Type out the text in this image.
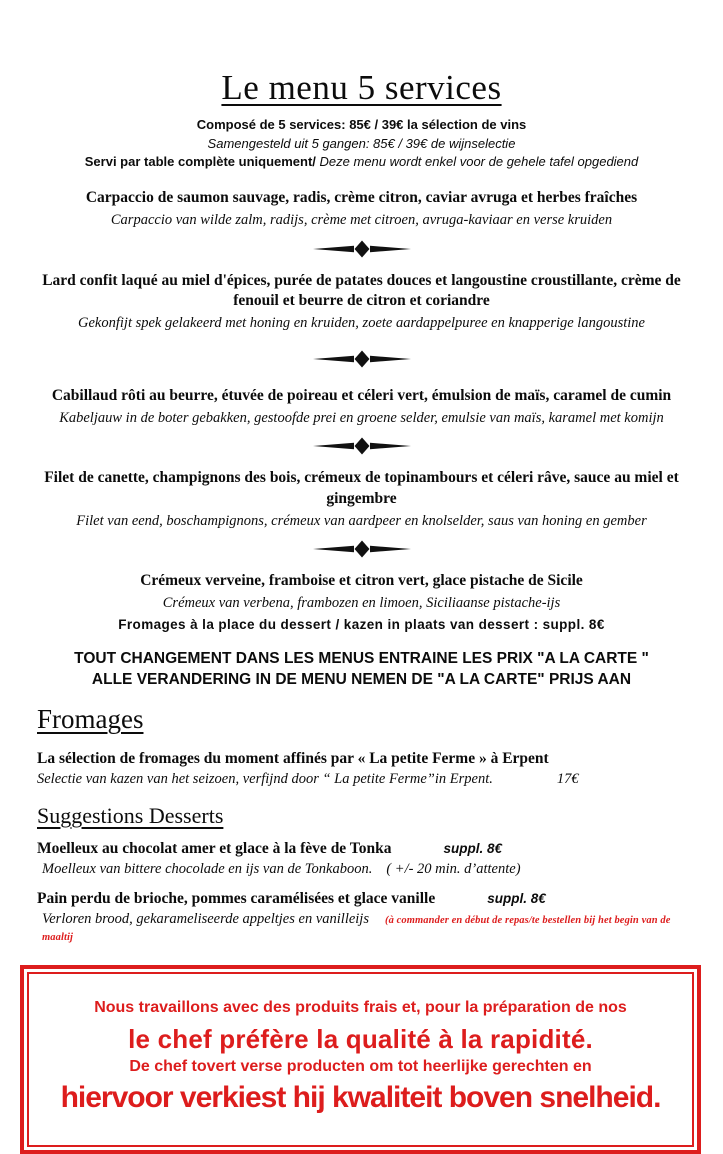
Le menu 5 services
Composé de 5 services: 85€ / 39€ la sélection de vins
Samengesteld uit 5 gangen: 85€ / 39€ de wijnselectie
Servi par table complète uniquement/ Deze menu wordt enkel voor de gehele tafel opgediend
Carpaccio de saumon sauvage, radis, crème citron, caviar avruga et herbes fraîches
Carpaccio van wilde zalm, radijs, crème met citroen, avruga-kaviaar en verse kruiden
Lard confit laqué au miel d'épices, purée de patates douces et langoustine croustillante, crème de fenouil et beurre de citron et coriandre
Gekonfijt spek gelakeerd met honing en kruiden, zoete aardappelpuree en knapperige langoustine
Cabillaud rôti au beurre, étuvée de poireau et céleri vert, émulsion de maïs, caramel de cumin
Kabeljauw in de boter gebakken, gestoofde prei en groene selder, emulsie van maïs, karamel met komijn
Filet de canette, champignons des bois, crémeux de topinambours et céleri râve, sauce au miel et gingembre
Filet van eend, boschampignons, crémeux van aardpeer en knolselder, saus van honing en gember
Crémeux verveine, framboise et citron vert, glace pistache de Sicile
Crémeux van verbena, frambozen en limoen, Siciliaanse pistache-ijs
Fromages à la place du dessert / kazen in plaats van dessert : suppl. 8€
TOUT CHANGEMENT DANS LES MENUS ENTRAINE LES PRIX "A LA CARTE "
ALLE VERANDERING IN DE MENU NEMEN DE "A LA CARTE" PRIJS AAN
Fromages
La sélection de fromages du moment affinés par « La petite Ferme » à Erpent
Selectie van kazen van het seizoen, verfijnd door “ La petite Ferme”in Erpent.	17€
Suggestions Desserts
Moelleux au chocolat amer et glace à la fève de Tonka	suppl. 8€
Moelleux van bittere chocolade en ijs van de Tonkaboon. ( +/- 20 min. d’attente)
Pain perdu de brioche, pommes caramélisées et glace vanille	suppl. 8€
Verloren brood, gekarameliseerde appeltjes en vanilleijs (à commander en début de repas/te bestellen bij het begin van de maaltij
Nous travaillons avec des produits frais et, pour la préparation de nos
le chef préfère la qualité à la rapidité.
De chef tovert verse producten om tot heerlijke gerechten en
hiervoor verkiest hij kwaliteit boven snelheid.
